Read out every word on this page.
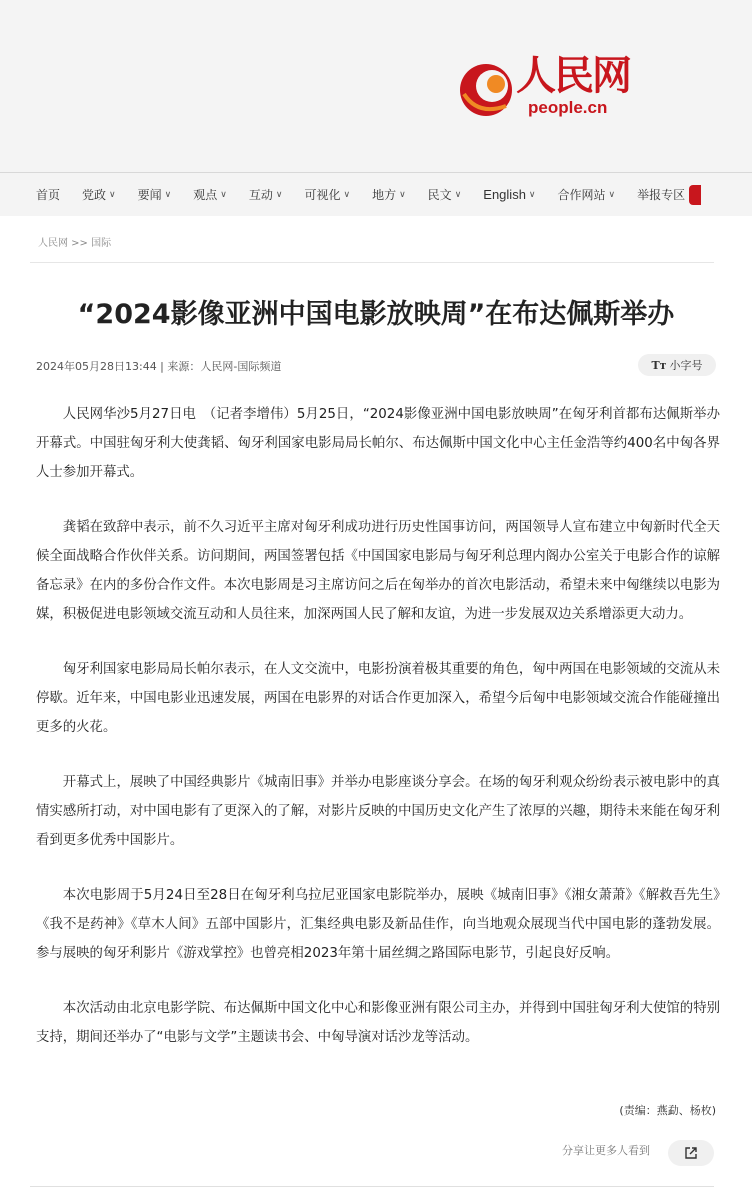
人民网
people.cn
首页 党政 ∨ 要闻 ∨ 观点 ∨ 互动 ∨ 可视化 ∨ 地方 ∨ 民文 ∨ English ∨ 合作网站 ∨ 举报专区
人民网 >> 国际
“2024影像亚洲中国电影放映周”在布达佩斯举办
2024年05月28日13:44 | 来源：人民网-国际频道	Tт 小字号

人民网华沙5月27日电　（记者李增伟）5月25日，“2024影像亚洲中国电影放映周”在匈牙利首都布达佩斯举办开幕式。中国驻匈牙利大使龚韬、匈牙利国家电影局局长帕尔、布达佩斯中国文化中心主任金浩等约400名中匈各界人士参加开幕式。

龚韬在致辞中表示，前不久习近平主席对匈牙利成功进行历史性国事访问，两国领导人宣布建立中匈新时代全天候全面战略合作伙伴关系。访问期间，两国签署包括《中国国家电影局与匈牙利总理内阁办公室关于电影合作的谅解备忘录》在内的多份合作文件。本次电影周是习主席访问之后在匈举办的首次电影活动，希望未来中匈继续以电影为媒，积极促进电影领域交流互动和人员往来，加深两国人民了解和友谊，为进一步发展双边关系增添更大动力。

匈牙利国家电影局局长帕尔表示，在人文交流中，电影扮演着极其重要的角色，匈中两国在电影领域的交流从未停歇。近年来，中国电影业迅速发展，两国在电影界的对话合作更加深入，希望今后匈中电影领域交流合作能碰撞出更多的火花。

开幕式上，展映了中国经典影片《城南旧事》并举办电影座谈分享会。在场的匈牙利观众纷纷表示被电影中的真情实感所打动，对中国电影有了更深入的了解，对影片反映的中国历史文化产生了浓厚的兴趣，期待未来能在匈牙利看到更多优秀中国影片。

本次电影周于5月24日至28日在匈牙利乌拉尼亚国家电影院举办，展映《城南旧事》《湘女萧萧》《解救吾先生》《我不是药神》《草木人间》五部中国影片，汇集经典电影及新品佳作，向当地观众展现当代中国电影的蓬勃发展。参与展映的匈牙利影片《游戏掌控》也曾亮相2023年第十届丝绸之路国际电影节，引起良好反响。

本次活动由北京电影学院、布达佩斯中国文化中心和影像亚洲有限公司主办，并得到中国驻匈牙利大使馆的特别支持，期间还举办了“电影与文学”主题读书会、中匈导演对话沙龙等活动。

(责编：燕勐、杨枚)
分享让更多人看到
